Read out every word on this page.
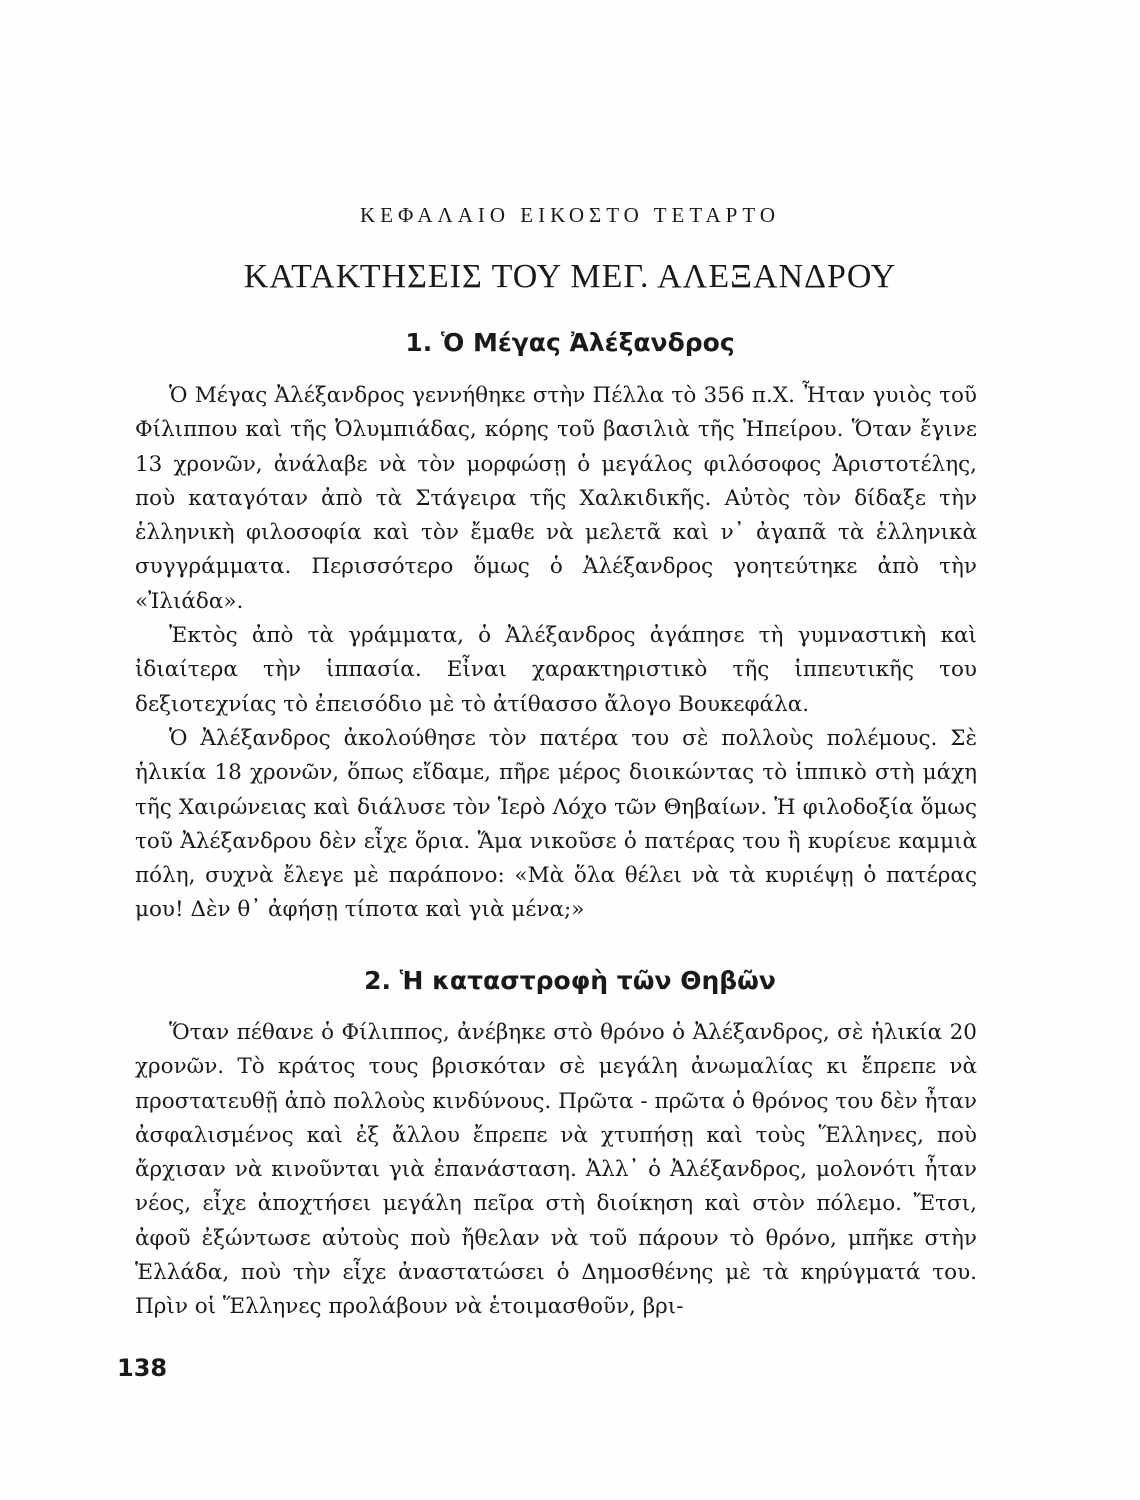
ΚΕΦΑΛΑΙΟ ΕΙΚΟΣΤΟ ΤΕΤΑΡΤΟ
ΚΑΤΑΚΤΗΣΕΙΣ ΤΟΥ ΜΕΓ. ΑΛΕΞΑΝΔΡΟΥ
1. Ὁ Μέγας Ἀλέξανδρος

Ὁ Μέγας Ἀλέξανδρος γεννήθηκε στὴν Πέλλα τὸ 356 π.Χ. Ἦταν γυιὸς τοῦ Φίλιππου καὶ τῆς Ὀλυμπιάδας, κόρης τοῦ βασιλιὰ τῆς Ἠπείρου. Ὅταν ἔγινε 13 χρονῶν, ἀνάλαβε νὰ τὸν μορφώσῃ ὁ μεγάλος φιλόσοφος Ἀριστοτέλης, ποὺ καταγόταν ἀπὸ τὰ Στάγειρα τῆς Χαλκιδικῆς. Αὐτὸς τὸν δίδαξε τὴν ἑλληνικὴ φιλοσοφία καὶ τὸν ἔμαθε νὰ μελετᾶ καὶ ν᾽ ἀγαπᾶ τὰ ἑλληνικὰ συγγράμματα. Περισσότερο ὅμως ὁ Ἀλέξανδρος γοητεύτηκε ἀπὸ τὴν «Ἰλιάδα».

Ἐκτὸς ἀπὸ τὰ γράμματα, ὁ Ἀλέξανδρος ἀγάπησε τὴ γυμναστικὴ καὶ ἰδιαίτερα τὴν ἱππασία. Εἶναι χαρακτηριστικὸ τῆς ἱππευτικῆς του δεξιοτεχνίας τὸ ἐπεισόδιο μὲ τὸ ἀτίθασσο ἄλογο Βουκεφάλα.

Ὁ Ἀλέξανδρος ἀκολούθησε τὸν πατέρα του σὲ πολλοὺς πολέμους. Σὲ ἡλικία 18 χρονῶν, ὅπως εἴδαμε, πῆρε μέρος διοικώντας τὸ ἱππικὸ στὴ μάχη τῆς Χαιρώνειας καὶ διάλυσε τὸν Ἱερὸ Λόχο τῶν Θηβαίων. Ἡ φιλοδοξία ὅμως τοῦ Ἀλέξανδρου δὲν εἶχε ὅρια. Ἅμα νικοῦσε ὁ πατέρας του ἢ κυρίευε καμμιὰ πόλη, συχνὰ ἔλεγε μὲ παράπονο: «Μὰ ὅλα θέλει νὰ τὰ κυριέψῃ ὁ πατέρας μου! Δὲν θ᾽ ἀφήσῃ τίποτα καὶ γιὰ μένα;»

2. Ἡ καταστροφὴ τῶν Θηβῶν

Ὅταν πέθανε ὁ Φίλιππος, ἀνέβηκε στὸ θρόνο ὁ Ἀλέξανδρος, σὲ ἡλικία 20 χρονῶν. Τὸ κράτος τους βρισκόταν σὲ μεγάλη ἀνωμαλίας κι ἔπρεπε νὰ προστατευθῇ ἀπὸ πολλοὺς κινδύνους. Πρῶτα - πρῶτα ὁ θρόνος του δὲν ἦταν ἀσφαλισμένος καὶ ἐξ ἄλλου ἔπρεπε νὰ χτυπήσῃ καὶ τοὺς Ἕλληνες, ποὺ ἄρχισαν νὰ κινοῦνται γιὰ ἐπανάσταση. Ἀλλ᾽ ὁ Ἀλέξανδρος, μολονότι ἦταν νέος, εἶχε ἀποχτήσει μεγάλη πεῖρα στὴ διοίκηση καὶ στὸν πόλεμο. Ἔτσι, ἀφοῦ ἐξώντωσε αὐτοὺς ποὺ ἤθελαν νὰ τοῦ πάρουν τὸ θρόνο, μπῆκε στὴν Ἑλλάδα, ποὺ τὴν εἶχε ἀναστατώσει ὁ Δημοσθένης μὲ τὰ κηρύγματά του. Πρὶν οἱ Ἕλληνες προλάβουν νὰ ἑτοιμασθοῦν, βρι-

138
